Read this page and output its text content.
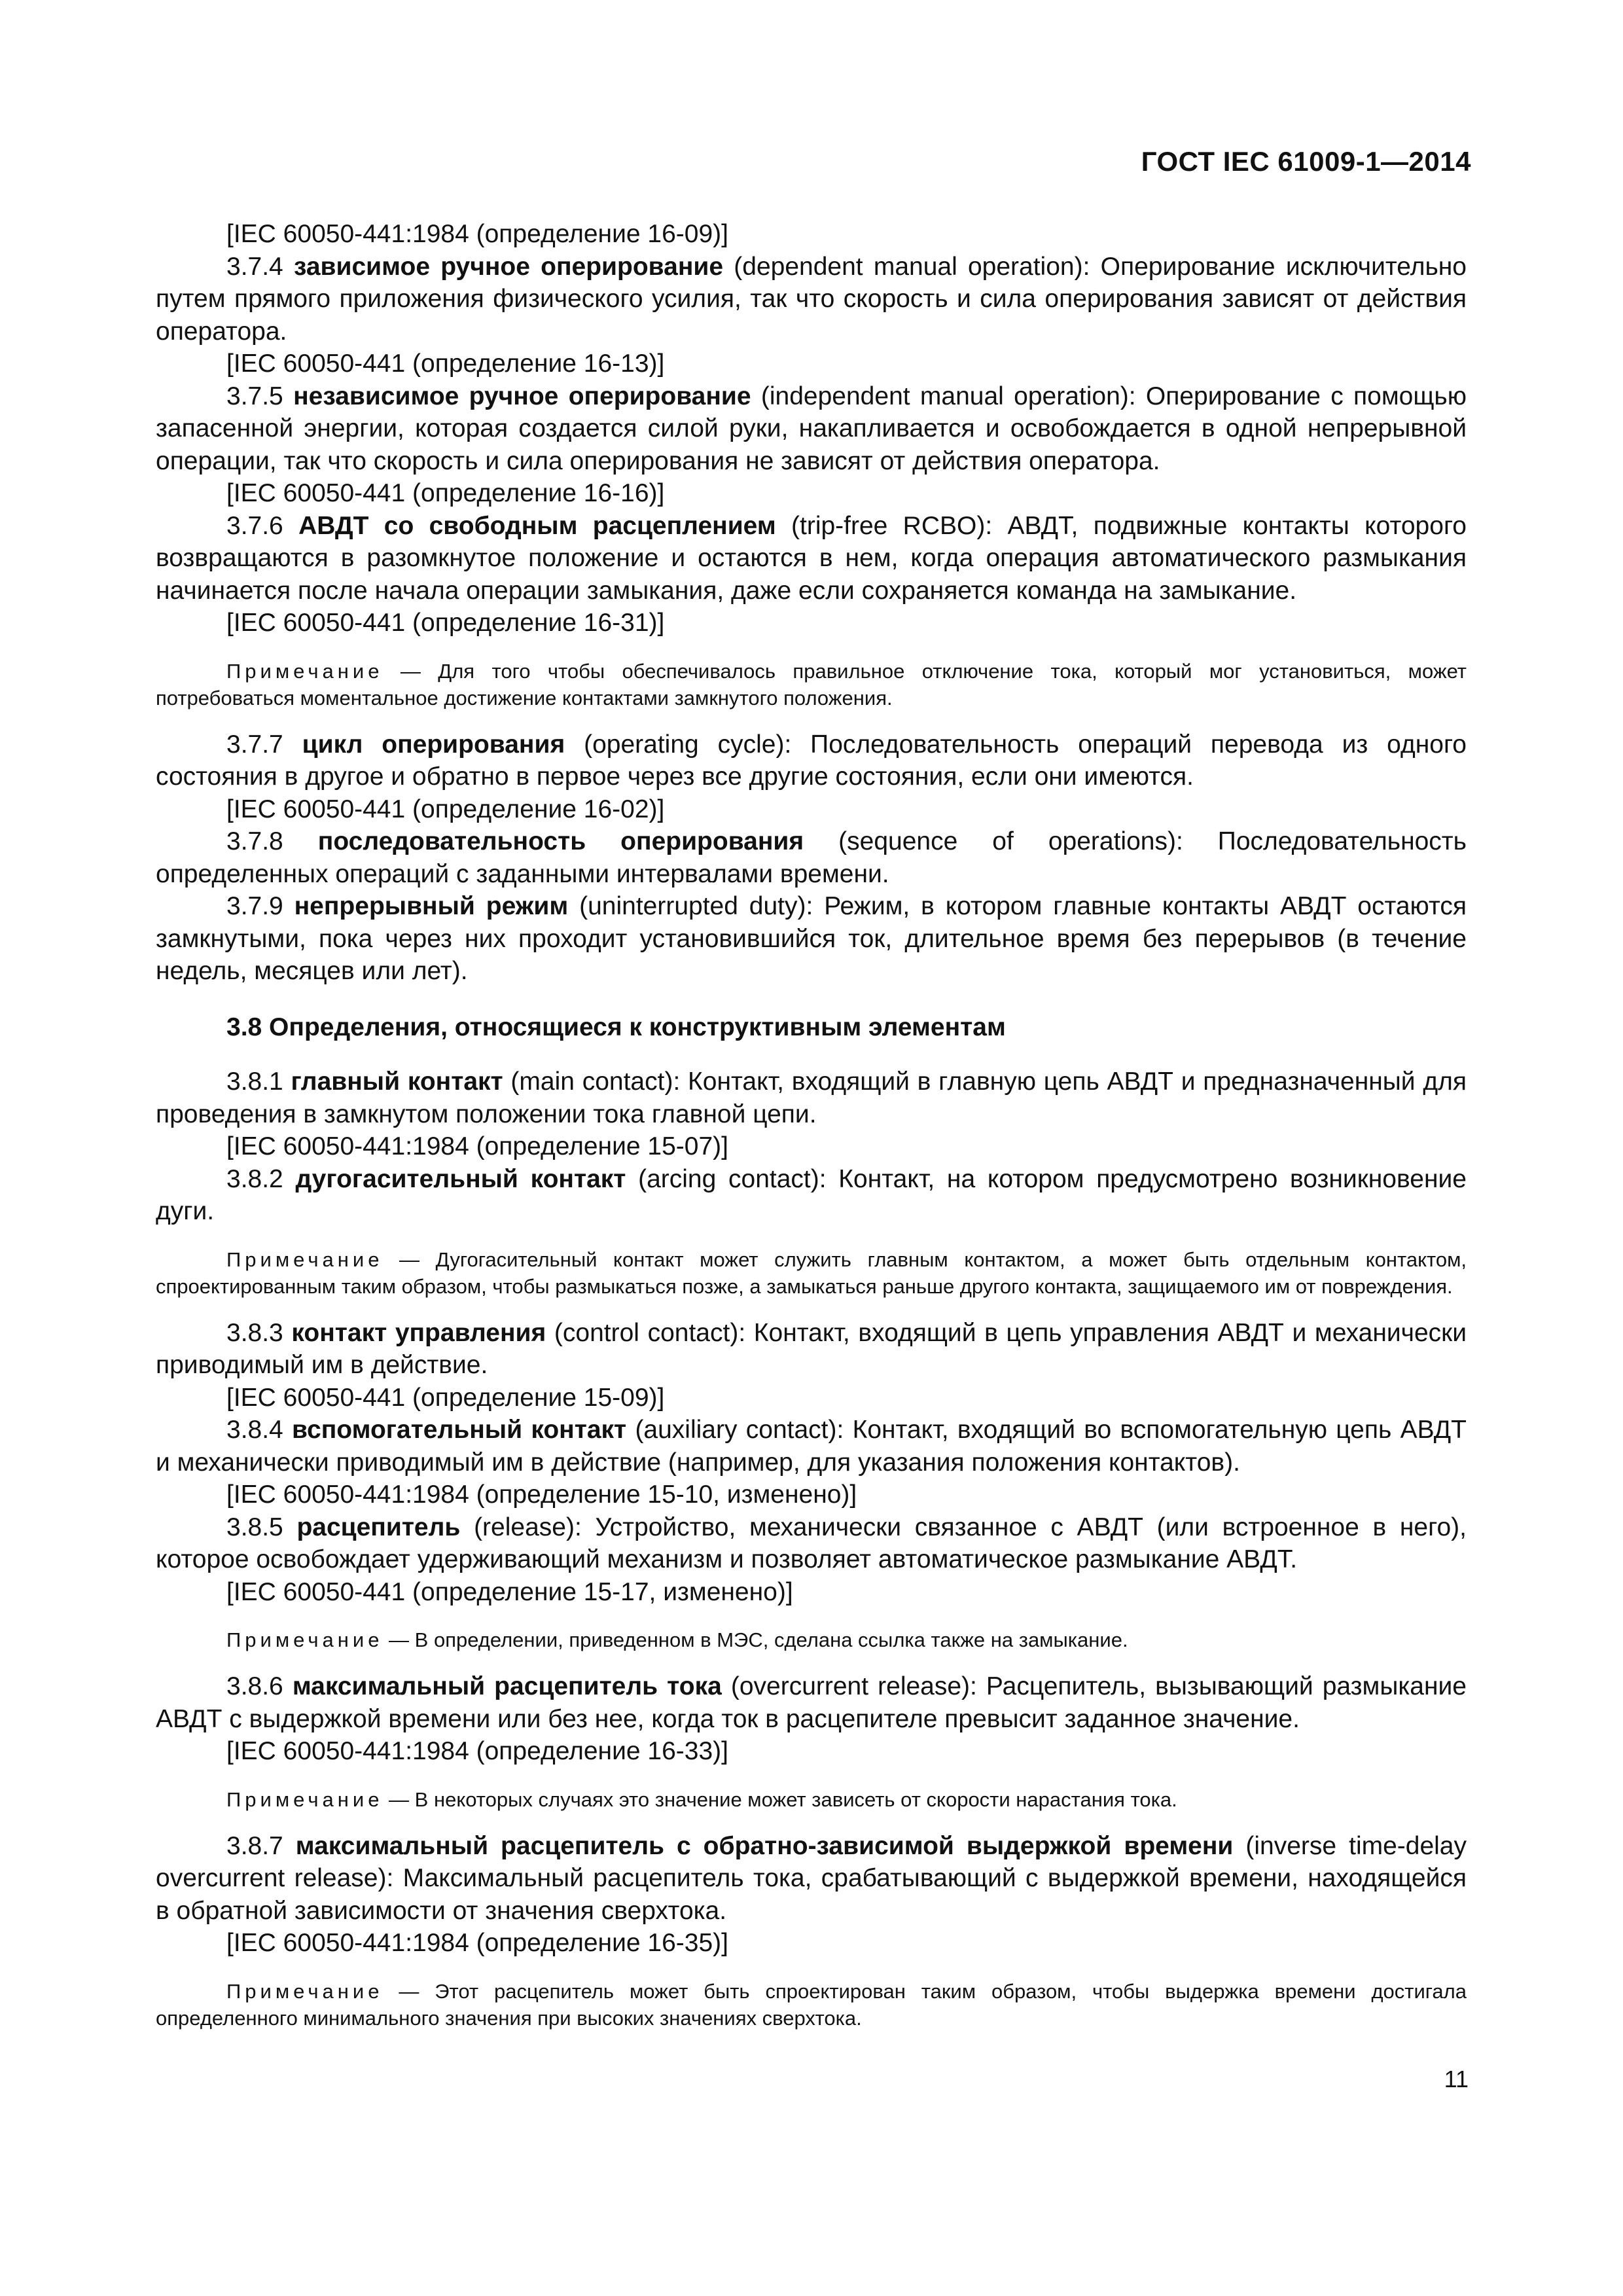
ГОСТ IEC 61009-1—2014

[IEC 60050-441:1984 (определение 16-09)]

3.7.4 зависимое ручное оперирование (dependent manual operation): Оперирование исключительно путем прямого приложения физического усилия, так что скорость и сила оперирования зависят от действия оператора.

[IEC 60050-441 (определение 16-13)]

3.7.5 независимое ручное оперирование (independent manual operation): Оперирование с помощью запасенной энергии, которая создается силой руки, накапливается и освобождается в одной непрерывной операции, так что скорость и сила оперирования не зависят от действия оператора.

[IEC 60050-441 (определение 16-16)]

3.7.6 АВДТ со свободным расцеплением (trip-free RCBO): АВДТ, подвижные контакты которого возвращаются в разомкнутое положение и остаются в нем, когда операция автоматического размыкания начинается после начала операции замыкания, даже если сохраняется команда на замыкание.

[IEC 60050-441 (определение 16-31)]

Примечание — Для того чтобы обеспечивалось правильное отключение тока, который мог установиться, может потребоваться моментальное достижение контактами замкнутого положения.

3.7.7 цикл оперирования (operating cycle): Последовательность операций перевода из одного состояния в другое и обратно в первое через все другие состояния, если они имеются.

[IEC 60050-441 (определение 16-02)]

3.7.8 последовательность оперирования (sequence of operations): Последовательность определенных операций с заданными интервалами времени.

3.7.9 непрерывный режим (uninterrupted duty): Режим, в котором главные контакты АВДТ остаются замкнутыми, пока через них проходит установившийся ток, длительное время без перерывов (в течение недель, месяцев или лет).

3.8 Определения, относящиеся к конструктивным элементам

3.8.1 главный контакт (main contact): Контакт, входящий в главную цепь АВДТ и предназначенный для проведения в замкнутом положении тока главной цепи.

[IEC 60050-441:1984 (определение 15-07)]

3.8.2 дугогасительный контакт (arcing contact): Контакт, на котором предусмотрено возникновение дуги.

Примечание — Дугогасительный контакт может служить главным контактом, а может быть отдельным контактом, спроектированным таким образом, чтобы размыкаться позже, а замыкаться раньше другого контакта, защищаемого им от повреждения.

3.8.3 контакт управления (control contact): Контакт, входящий в цепь управления АВДТ и механически приводимый им в действие.

[IEC 60050-441 (определение 15-09)]

3.8.4 вспомогательный контакт (auxiliary contact): Контакт, входящий во вспомогательную цепь АВДТ и механически приводимый им в действие (например, для указания положения контактов).

[IEC 60050-441:1984 (определение 15-10, изменено)]

3.8.5 расцепитель (release): Устройство, механически связанное с АВДТ (или встроенное в него), которое освобождает удерживающий механизм и позволяет автоматическое размыкание АВДТ.

[IEC 60050-441 (определение 15-17, изменено)]

Примечание — В определении, приведенном в МЭС, сделана ссылка также на замыкание.

3.8.6 максимальный расцепитель тока (overcurrent release): Расцепитель, вызывающий размыкание АВДТ с выдержкой времени или без нее, когда ток в расцепителе превысит заданное значение.

[IEC 60050-441:1984 (определение 16-33)]

Примечание — В некоторых случаях это значение может зависеть от скорости нарастания тока.

3.8.7 максимальный расцепитель с обратно-зависимой выдержкой времени (inverse time-delay overcurrent release): Максимальный расцепитель тока, срабатывающий с выдержкой времени, находящейся в обратной зависимости от значения сверхтока.

[IEC 60050-441:1984 (определение 16-35)]

Примечание — Этот расцепитель может быть спроектирован таким образом, чтобы выдержка времени достигала определенного минимального значения при высоких значениях сверхтока.

11
